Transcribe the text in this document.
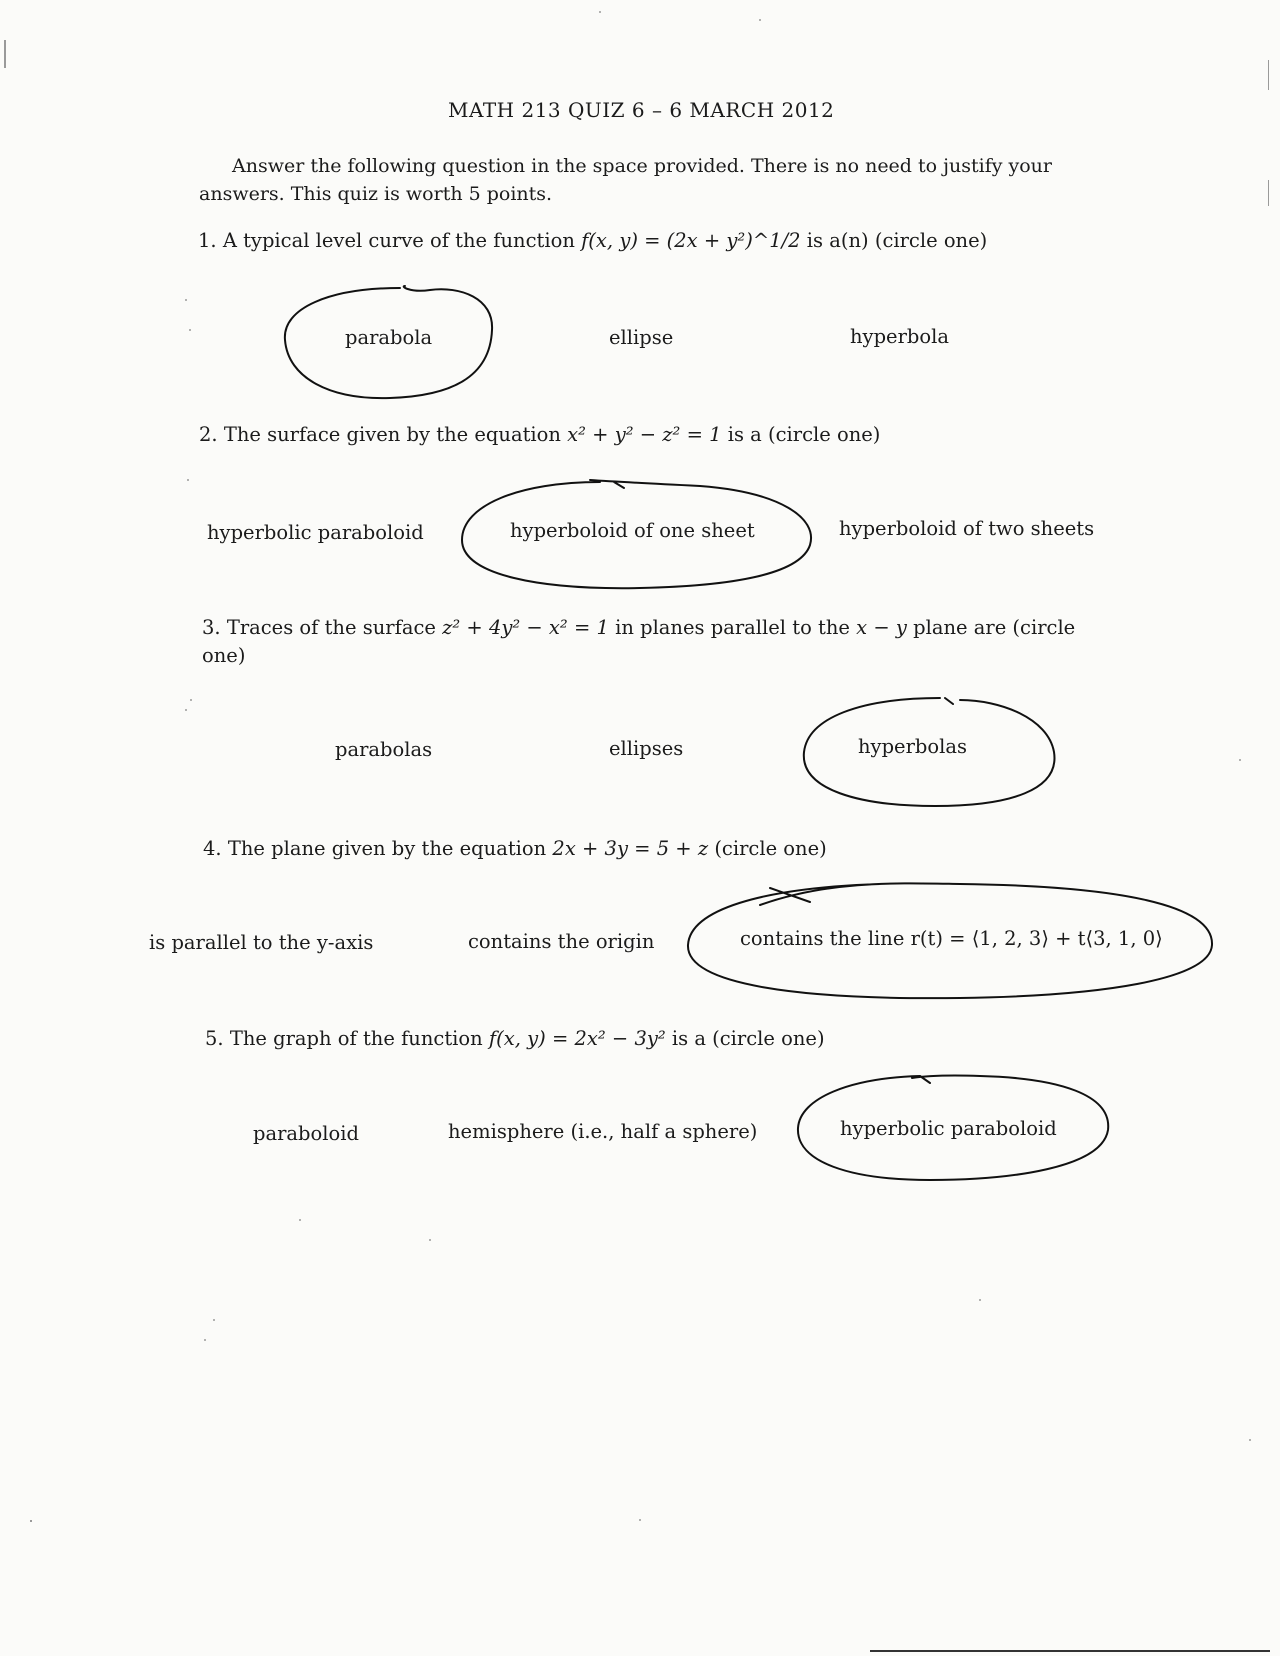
MATH 213 QUIZ 6 – 6 MARCH 2012
Answer the following question in the space provided. There is no need to justify your
answers. This quiz is worth 5 points.
1. A typical level curve of the function f(x, y) = (2x + y²)^1/2 is a(n) (circle one)
parabola	ellipse	hyperbola
2. The surface given by the equation x² + y² − z² = 1 is a (circle one)
hyperbolic paraboloid	hyperboloid of one sheet	hyperboloid of two sheets
3. Traces of the surface z² + 4y² − x² = 1 in planes parallel to the x − y plane are (circle
one)
parabolas	ellipses	hyperbolas
4. The plane given by the equation 2x + 3y = 5 + z (circle one)
is parallel to the y-axis	contains the origin	contains the line r(t) = ⟨1, 2, 3⟩ + t⟨3, 1, 0⟩
5. The graph of the function f(x, y) = 2x² − 3y² is a (circle one)
paraboloid	hemisphere (i.e., half a sphere)	hyperbolic paraboloid
